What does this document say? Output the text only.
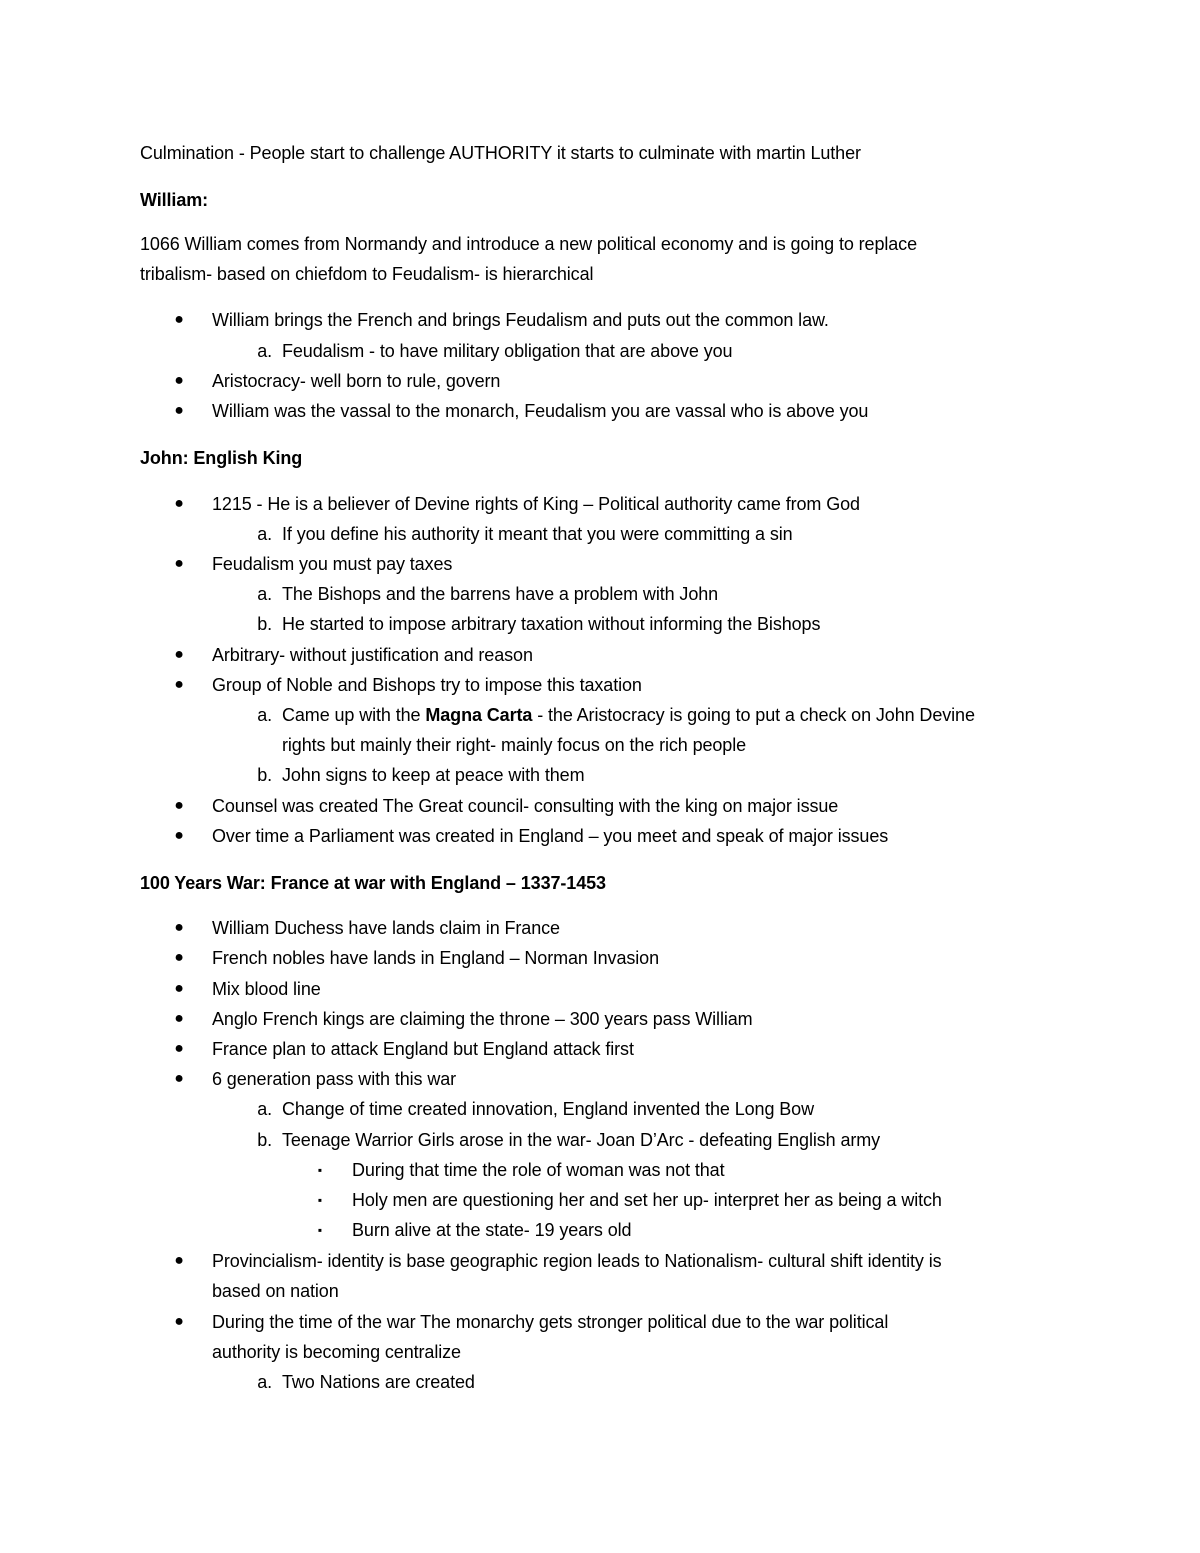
Culmination - People start to challenge AUTHORITY it starts to culminate with martin Luther
William:
1066 William comes from Normandy and introduce a new political economy and is going to replace
tribalism- based on chiefdom to Feudalism- is hierarchical
● William brings the French and brings Feudalism and puts out the common law.
a. Feudalism - to have military obligation that are above you
● Aristocracy- well born to rule, govern
● William was the vassal to the monarch, Feudalism you are vassal who is above you
John: English King
● 1215 - He is a believer of Devine rights of King – Political authority came from God
a. If you define his authority it meant that you were committing a sin
● Feudalism you must pay taxes
a. The Bishops and the barrens have a problem with John
b. He started to impose arbitrary taxation without informing the Bishops
● Arbitrary- without justification and reason
● Group of Noble and Bishops try to impose this taxation
a. Came up with the Magna Carta - the Aristocracy is going to put a check on John Devine
rights but mainly their right- mainly focus on the rich people
b. John signs to keep at peace with them
● Counsel was created The Great council- consulting with the king on major issue
● Over time a Parliament was created in England – you meet and speak of major issues
100 Years War: France at war with England – 1337-1453
● William Duchess have lands claim in France
● French nobles have lands in England – Norman Invasion
● Mix blood line
● Anglo French kings are claiming the throne – 300 years pass William
● France plan to attack England but England attack first
● 6 generation pass with this war
a. Change of time created innovation, England invented the Long Bow
b. Teenage Warrior Girls arose in the war- Joan D’Arc - defeating English army
▪ During that time the role of woman was not that
▪ Holy men are questioning her and set her up- interpret her as being a witch
▪ Burn alive at the state- 19 years old
● Provincialism- identity is base geographic region leads to Nationalism- cultural shift identity is
based on nation
● During the time of the war The monarchy gets stronger political due to the war political
authority is becoming centralize
a. Two Nations are created
